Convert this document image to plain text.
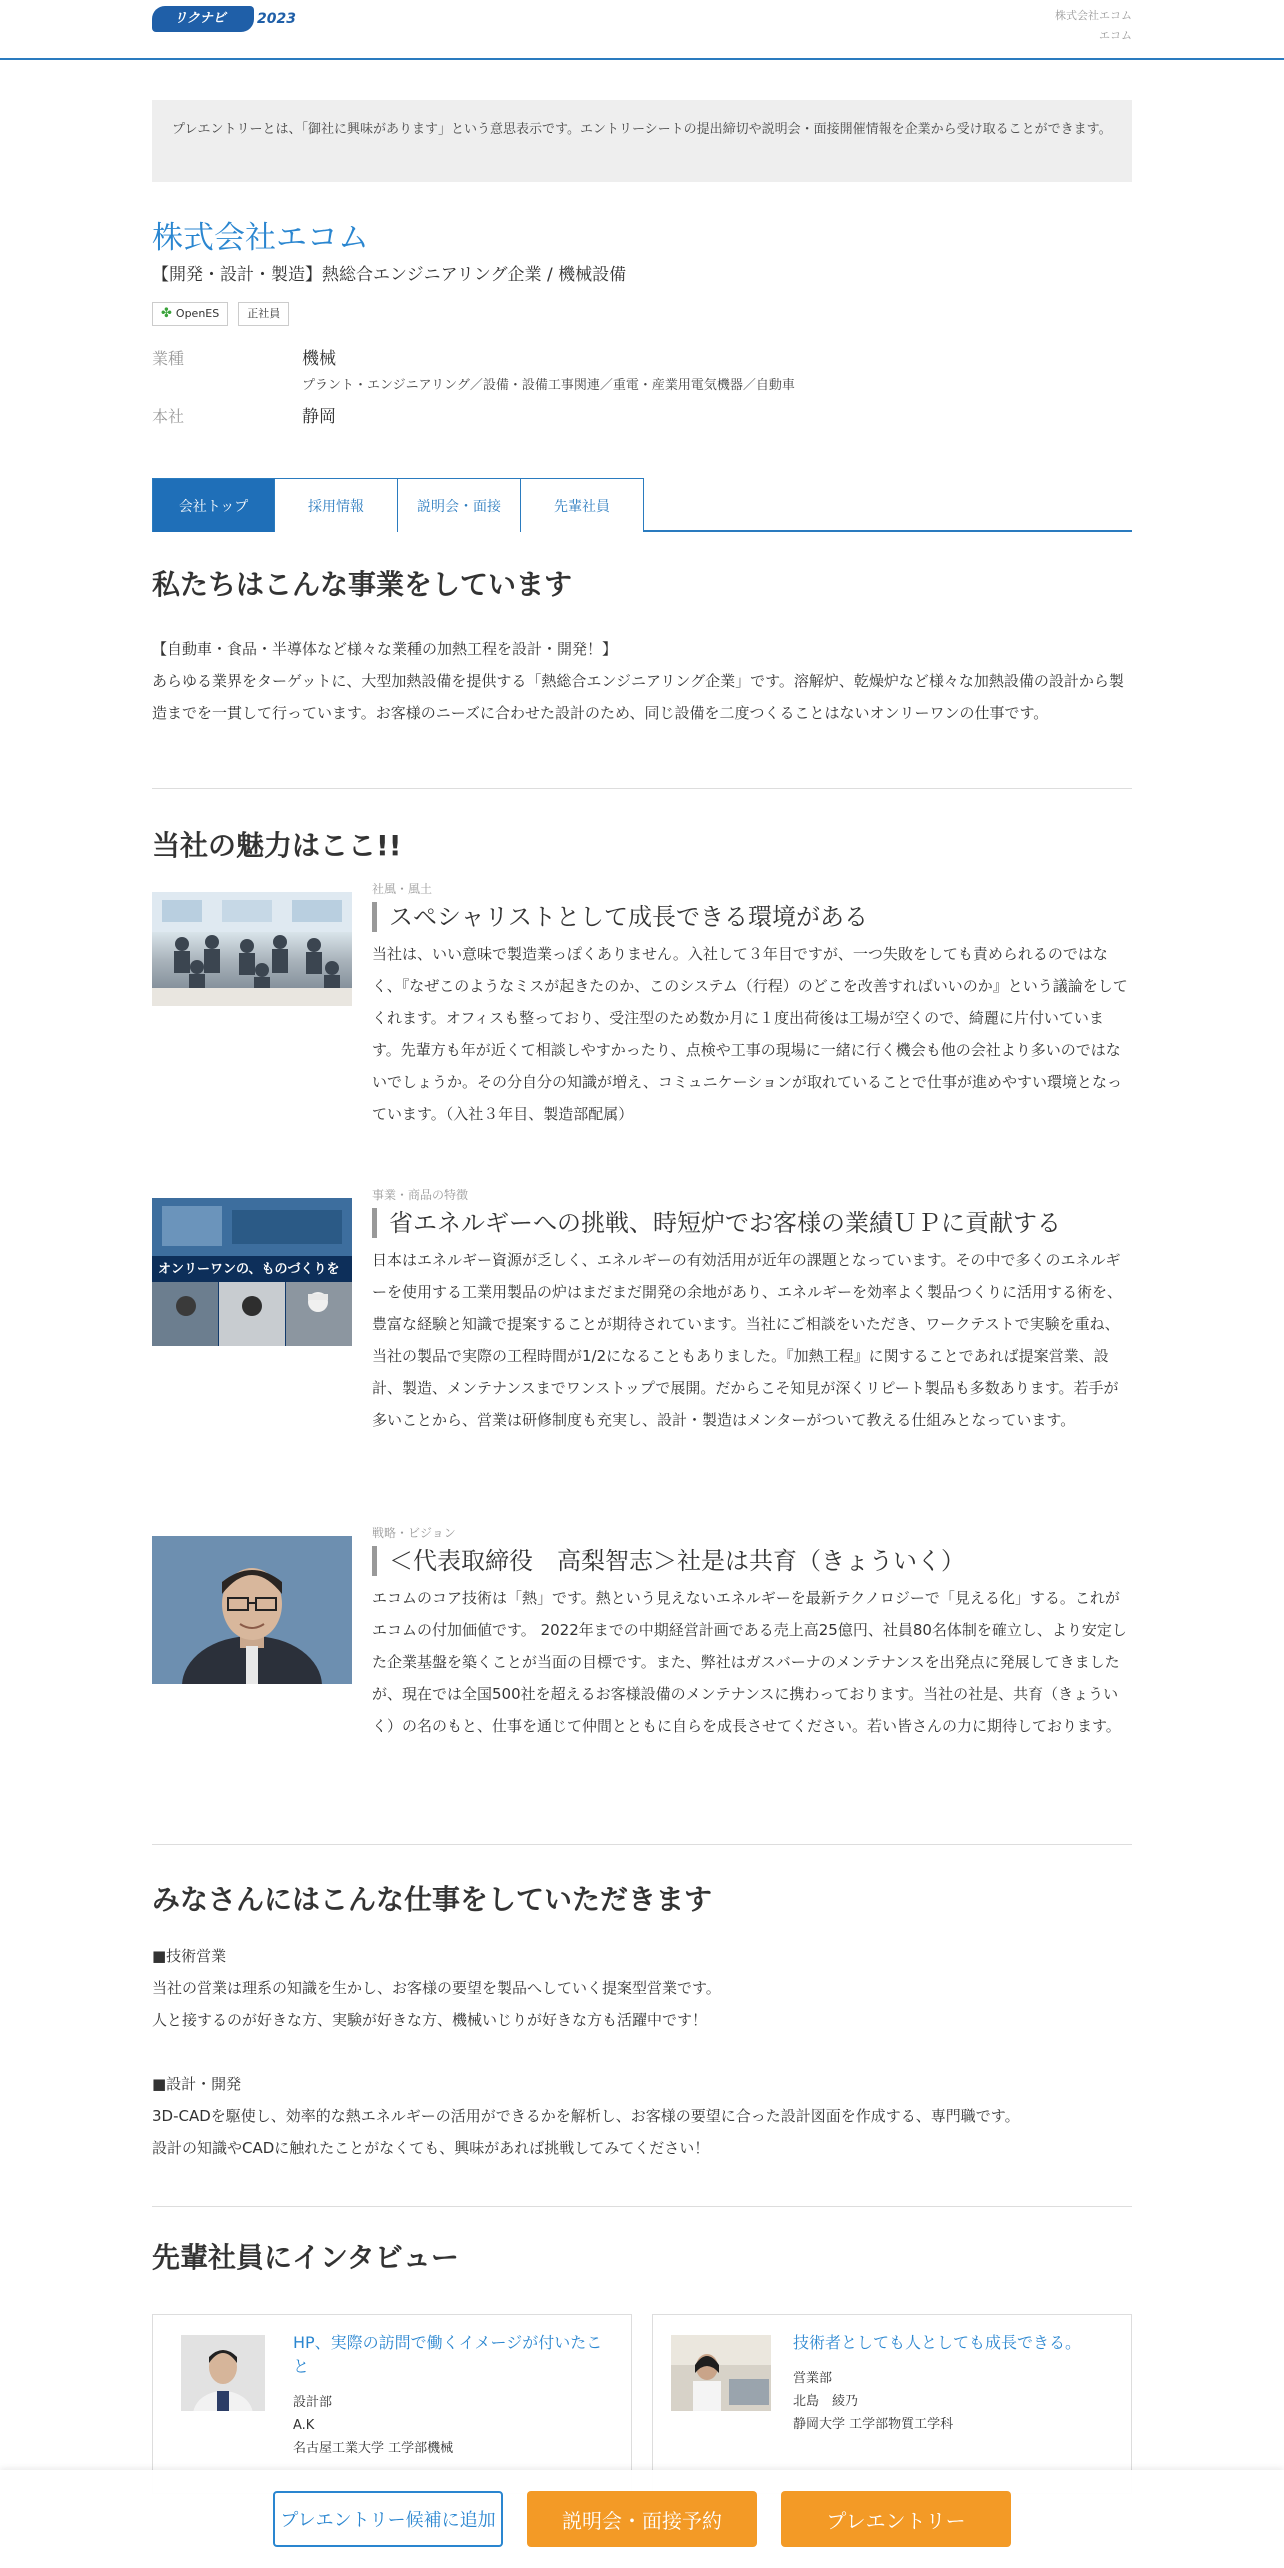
リクナビ	2023	株式会社エコム
エコム
プレエントリーとは、「御社に興味があります」という意思表示です。エントリーシートの提出締切や説明会・面接開催情報を企業から受け取ることができます。
株式会社エコム
【開発・設計・製造】熱総合エンジニアリング企業 / 機械設備
✤ OpenES	正社員
業種	機械
プラント・エンジニアリング／設備・設備工事関連／重電・産業用電気機器／自動車
本社	静岡
会社トップ	採用情報	説明会・面接	先輩社員
私たちはこんな事業をしています
【自動車・食品・半導体など様々な業種の加熱工程を設計・開発！】
あらゆる業界をターゲットに、大型加熱設備を提供する「熱総合エンジニアリング企業」です。溶解炉、乾燥炉など様々な加熱設備の設計から製造までを一貫して行っています。お客様のニーズに合わせた設計のため、同じ設備を二度つくることはないオンリーワンの仕事です。
当社の魅力はここ!!
社風・風土
スペシャリストとして成長できる環境がある
当社は、いい意味で製造業っぽくありません。入社して３年目ですが、一つ失敗をしても責められるのではなく、『なぜこのようなミスが起きたのか、このシステム（行程）のどこを改善すればいいのか』という議論をしてくれます。オフィスも整っており、受注型のため数か月に１度出荷後は工場が空くので、綺麗に片付いています。先輩方も年が近くて相談しやすかったり、点検や工事の現場に一緒に行く機会も他の会社より多いのではないでしょうか。その分自分の知識が増え、コミュニケーションが取れていることで仕事が進めやすい環境となっています。（入社３年目、製造部配属）
オンリーワンの、ものづくりを
事業・商品の特徴
省エネルギーへの挑戦、時短炉でお客様の業績ＵＰに貢献する
日本はエネルギー資源が乏しく、エネルギーの有効活用が近年の課題となっています。その中で多くのエネルギーを使用する工業用製品の炉はまだまだ開発の余地があり、エネルギーを効率よく製品つくりに活用する術を、豊富な経験と知識で提案することが期待されています。当社にご相談をいただき、ワークテストで実験を重ね、当社の製品で実際の工程時間が1/2になることもありました。『加熱工程』に関することであれば提案営業、設計、製造、メンテナンスまでワンストップで展開。だからこそ知見が深くリピート製品も多数あります。若手が多いことから、営業は研修制度も充実し、設計・製造はメンターがついて教える仕組みとなっています。
戦略・ビジョン
＜代表取締役　高梨智志＞社是は共育（きょういく）
エコムのコア技術は「熱」です。熱という見えないエネルギーを最新テクノロジーで「見える化」する。これがエコムの付加価値です。 2022年までの中期経営計画である売上高25億円、社員80名体制を確立し、より安定した企業基盤を築くことが当面の目標です。また、弊社はガスバーナのメンテナンスを出発点に発展してきましたが、現在では全国500社を超えるお客様設備のメンテナンスに携わっております。当社の社是、共育（きょういく）の名のもと、仕事を通じて仲間とともに自らを成長させてください。若い皆さんの力に期待しております。
みなさんにはこんな仕事をしていただきます
■技術営業
当社の営業は理系の知識を生かし、お客様の要望を製品へしていく提案型営業です。
人と接するのが好きな方、実験が好きな方、機械いじりが好きな方も活躍中です！
■設計・開発
3D-CADを駆使し、効率的な熱エネルギーの活用ができるかを解析し、お客様の要望に合った設計図面を作成する、専門職です。
設計の知識やCADに触れたことがなくても、興味があれば挑戦してみてください！
先輩社員にインタビュー
HP、実際の訪問で働くイメージが付いたこと
設計部
A.K
名古屋工業大学 工学部機械
技術者としても人としても成長できる。
営業部
北島　綾乃
静岡大学 工学部物質工学科
プレエントリー候補に追加	説明会・面接予約	プレエントリー
